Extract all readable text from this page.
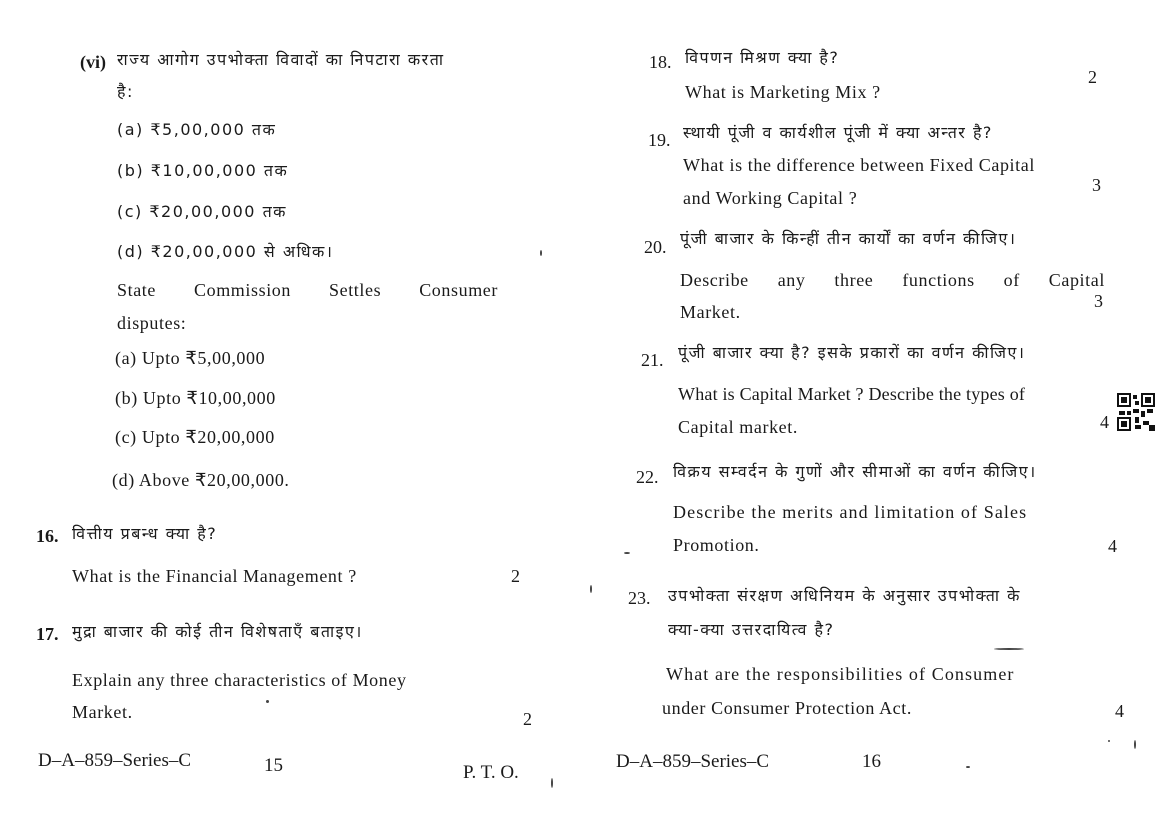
(vi) राज्य आगोग उपभोक्ता विवादों का निपटारा करता
है:
(a) ₹5,00,000 तक
(b) ₹10,00,000 तक
(c) ₹20,00,000 तक
(d) ₹20,00,000 से अधिक।
State Commission Settles Consumer
disputes:
(a) Upto ₹5,00,000
(b) Upto ₹10,00,000
(c) Upto ₹20,00,000
(d) Above ₹20,00,000.
16. वित्तीय प्रबन्ध क्या है?
What is the Financial Management ?	2
17. मुद्रा बाजार की कोई तीन विशेषताएँ बताइए।
Explain any three characteristics of Money
Market.	2
D–A–859–Series–C	15	P. T. O.
18. विपणन मिश्रण क्या है?
2
What is Marketing Mix ?
19. स्थायी पूंजी व कार्यशील पूंजी में क्या अन्तर है?
What is the difference between Fixed Capital
and Working Capital ?
3
20. पूंजी बाजार के किन्हीं तीन कार्यों का वर्णन कीजिए।
Describe any three functions of Capital
Market.
3
21. पूंजी बाजार क्या है? इसके प्रकारों का वर्णन कीजिए।
What is Capital Market ? Describe the types of
Capital market.	4
22. विक्रय सम्वर्दन के गुणों और सीमाओं का वर्णन कीजिए।
Describe the merits and limitation of Sales
Promotion.	4
23. उपभोक्ता संरक्षण अधिनियम के अनुसार उपभोक्ता के
क्या-क्या उत्तरदायित्व है?
What are the responsibilities of Consumer
under Consumer Protection Act.	4
D–A–859–Series–C	16
